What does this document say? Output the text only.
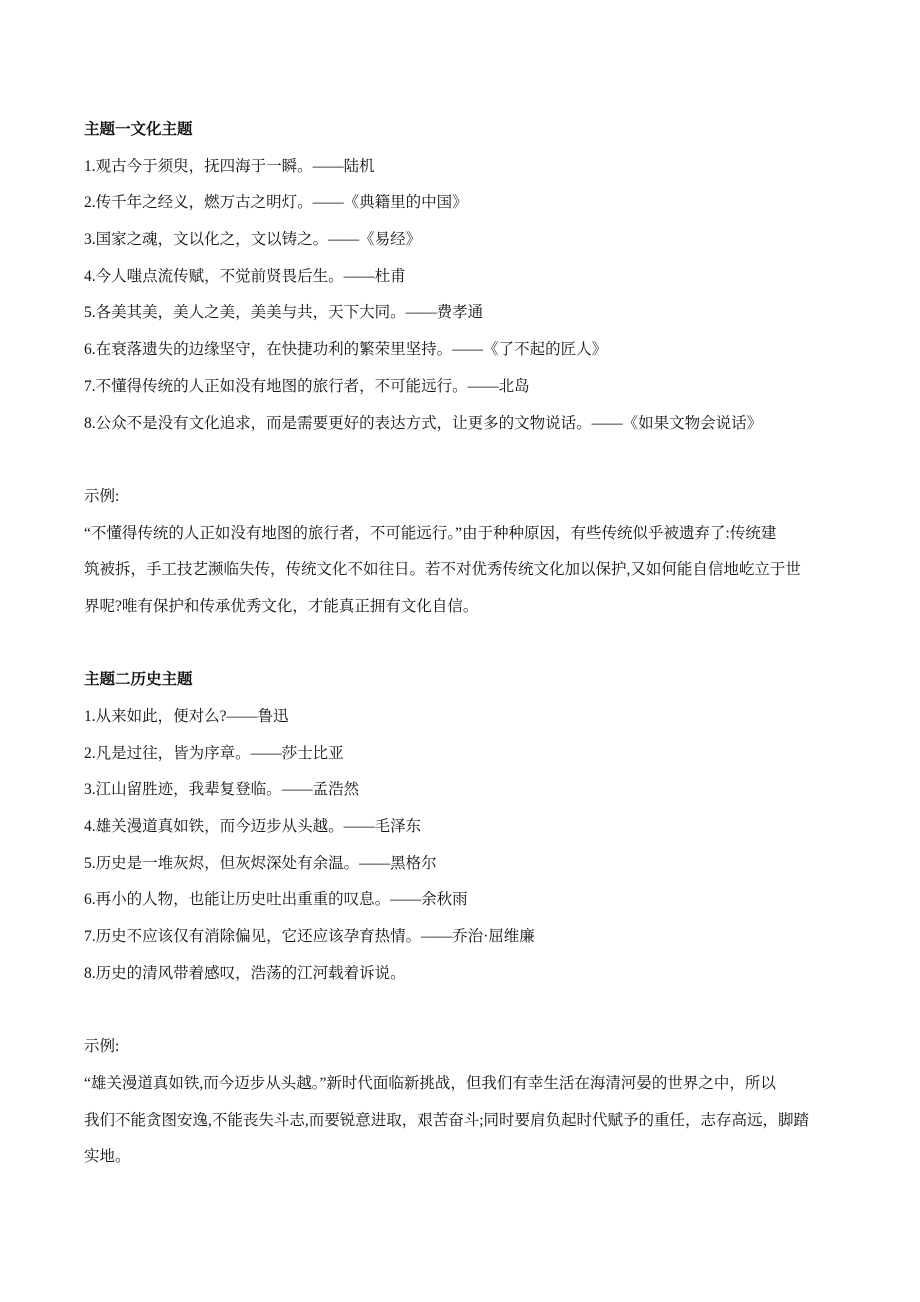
主题一文化主题
1.观古今于须臾，抚四海于一瞬。——陆机
2.传千年之经义，燃万古之明灯。——《典籍里的中国》
3.国家之魂，文以化之，文以铸之。——《易经》
4.今人嗤点流传赋，不觉前贤畏后生。——杜甫
5.各美其美，美人之美，美美与共，天下大同。——费孝通
6.在衰落遗失的边缘坚守，在快捷功利的繁荣里坚持。——《了不起的匠人》
7.不懂得传统的人正如没有地图的旅行者，不可能远行。——北岛
8.公众不是没有文化追求，而是需要更好的表达方式，让更多的文物说话。——《如果文物会说话》
示例:
“不懂得传统的人正如没有地图的旅行者，不可能远行。”由于种种原因，有些传统似乎被遗弃了:传统建
筑被拆，手工技艺濒临失传，传统文化不如往日。若不对优秀传统文化加以保护,又如何能自信地屹立于世
界呢?唯有保护和传承优秀文化，才能真正拥有文化自信。
主题二历史主题
1.从来如此，便对么?——鲁迅
2.凡是过往，皆为序章。——莎士比亚
3.江山留胜迹，我辈复登临。——孟浩然
4.雄关漫道真如铁，而今迈步从头越。——毛泽东
5.历史是一堆灰烬，但灰烬深处有余温。——黑格尔
6.再小的人物，也能让历史吐出重重的叹息。——余秋雨
7.历史不应该仅有消除偏见，它还应该孕育热情。——乔治·屈维廉
8.历史的清风带着感叹，浩荡的江河载着诉说。
示例:
“雄关漫道真如铁,而今迈步从头越。”新时代面临新挑战，但我们有幸生活在海清河晏的世界之中，所以
我们不能贪图安逸,不能丧失斗志,而要锐意进取，艰苦奋斗;同时要肩负起时代赋予的重任，志存高远，脚踏
实地。
